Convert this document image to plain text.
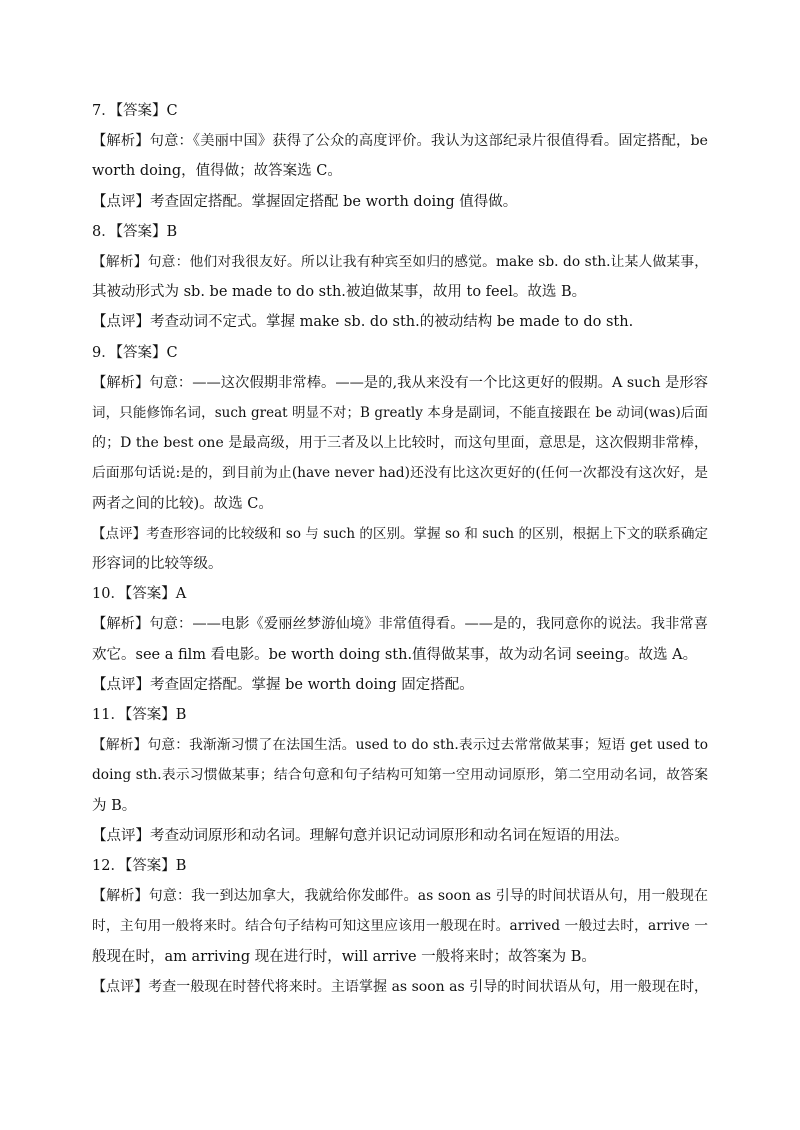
7．【答案】C
【解析】句意：《美丽中国》获得了公众的高度评价。我认为这部纪录片很值得看。固定搭配，be
worth doing，值得做；故答案选 C。
【点评】考查固定搭配。掌握固定搭配 be worth doing 值得做。
8．【答案】B
【解析】句意：他们对我很友好。所以让我有种宾至如归的感觉。make sb. do sth.让某人做某事，
其被动形式为 sb. be made to do sth.被迫做某事，故用 to feel。故选 B。
【点评】考查动词不定式。掌握 make sb. do sth.的被动结构 be made to do sth.
9．【答案】C
【解析】句意：——这次假期非常棒。——是的,我从来没有一个比这更好的假期。A such 是形容
词，只能修饰名词，such great 明显不对；B greatly 本身是副词，不能直接跟在 be 动词(was)后面
的；D the best one 是最高级，用于三者及以上比较时，而这句里面，意思是，这次假期非常棒，
后面那句话说:是的，到目前为止(have never had)还没有比这次更好的(任何一次都没有这次好，是
两者之间的比较)。故选 C。
【点评】考查形容词的比较级和 so 与 such 的区别。掌握 so 和 such 的区别，根据上下文的联系确定
形容词的比较等级。
10．【答案】A
【解析】句意：——电影《爱丽丝梦游仙境》非常值得看。——是的，我同意你的说法。我非常喜
欢它。see a film 看电影。be worth doing sth.值得做某事，故为动名词 seeing。故选 A。
【点评】考查固定搭配。掌握 be worth doing 固定搭配。
11．【答案】B
【解析】句意：我渐渐习惯了在法国生活。used to do sth.表示过去常常做某事；短语 get used to
doing sth.表示习惯做某事；结合句意和句子结构可知第一空用动词原形，第二空用动名词，故答案
为 B。
【点评】考查动词原形和动名词。理解句意并识记动词原形和动名词在短语的用法。
12．【答案】B
【解析】句意：我一到达加拿大，我就给你发邮件。as soon as 引导的时间状语从句，用一般现在
时，主句用一般将来时。结合句子结构可知这里应该用一般现在时。arrived 一般过去时，arrive 一
般现在时，am arriving 现在进行时，will arrive 一般将来时；故答案为 B。
【点评】考查一般现在时替代将来时。主语掌握 as soon as 引导的时间状语从句，用一般现在时，
